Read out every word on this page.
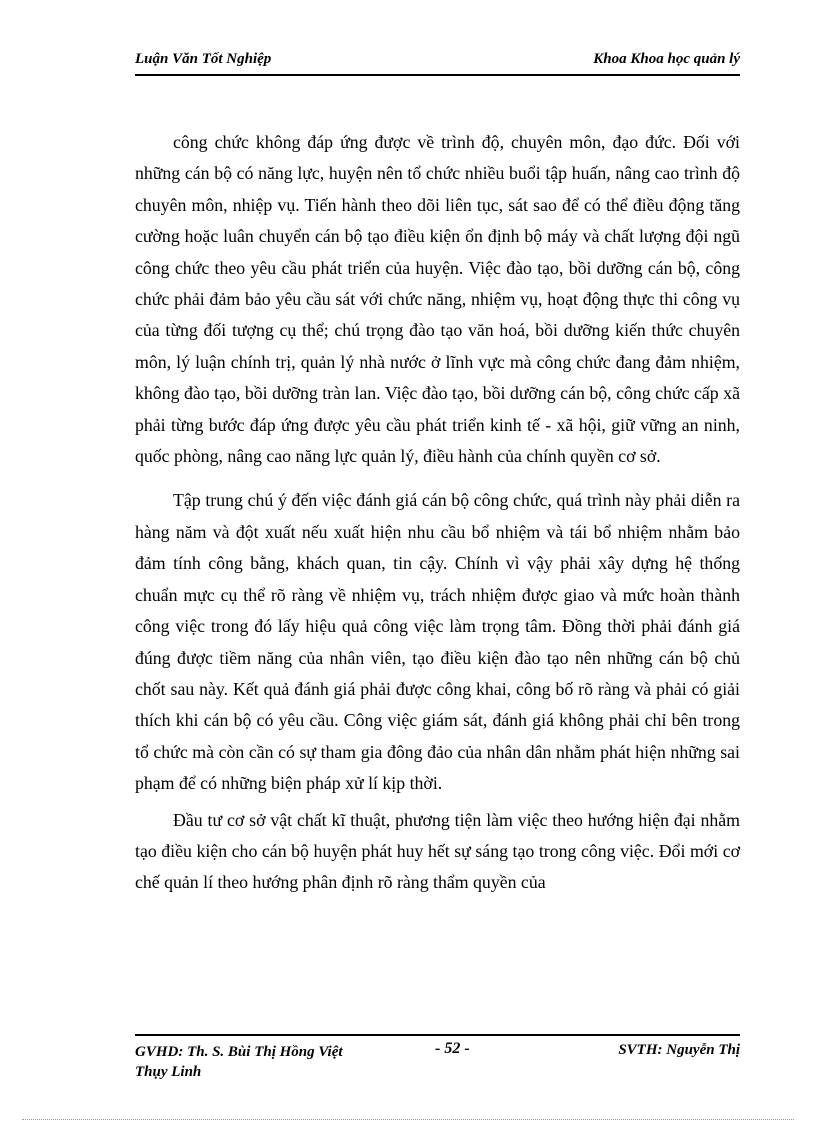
Luận Văn Tốt Nghiệp	Khoa Khoa học quản lý

công chức không đáp ứng được về trình độ, chuyên môn, đạo đức. Đối với những cán bộ có năng lực, huyện nên tổ chức nhiều buổi tập huấn, nâng cao trình độ chuyên môn, nhiệp vụ. Tiến hành theo dõi liên tục, sát sao để có thể điều động tăng cường hoặc luân chuyển cán bộ tạo điều kiện ổn định bộ máy và chất lượng đội ngũ công chức theo yêu cầu phát triển của huyện. Việc đào tạo, bồi dưỡng cán bộ, công chức phải đảm bảo yêu cầu sát với chức năng, nhiệm vụ, hoạt động thực thi công vụ của từng đối tượng cụ thể; chú trọng đào tạo văn hoá, bồi dưỡng kiến thức chuyên môn, lý luận chính trị, quản lý nhà nước ở lĩnh vực mà công chức đang đảm nhiệm, không đào tạo, bồi dưỡng tràn lan. Việc đào tạo, bồi dưỡng cán bộ, công chức cấp xã phải từng bước đáp ứng được yêu cầu phát triển kinh tế - xã hội, giữ vững an ninh, quốc phòng, nâng cao năng lực quản lý, điều hành của chính quyền cơ sở.

Tập trung chú ý đến việc đánh giá cán bộ công chức, quá trình này phải diễn ra hàng năm và đột xuất nếu xuất hiện nhu cầu bổ nhiệm và tái bổ nhiệm nhằm bảo đảm tính công bằng, khách quan, tin cậy. Chính vì vậy phải xây dựng hệ thống chuẩn mực cụ thể rõ ràng về nhiệm vụ, trách nhiệm được giao và mức hoàn thành công việc trong đó lấy hiệu quả công việc làm trọng tâm. Đồng thời phải đánh giá đúng được tiềm năng của nhân viên, tạo điều kiện đào tạo nên những cán bộ chủ chốt sau này. Kết quả đánh giá phải được công khai, công bố rõ ràng và phải có giải thích khi cán bộ có yêu cầu. Công việc giám sát, đánh giá không phải chỉ bên trong tổ chức mà còn cần có sự tham gia đông đảo của nhân dân nhằm phát hiện những sai phạm để có những biện pháp xử lí kịp thời.

Đầu tư cơ sở vật chất kĩ thuật, phương tiện làm việc theo hướng hiện đại nhằm tạo điều kiện cho cán bộ huyện phát huy hết sự sáng tạo trong công việc. Đổi mới cơ chế quản lí theo hướng phân định rõ ràng thẩm quyền của

GVHD: Th. S. Bùi Thị Hồng Việt	- 52 -	SVTH: Nguyễn Thị
Thụy Linh
